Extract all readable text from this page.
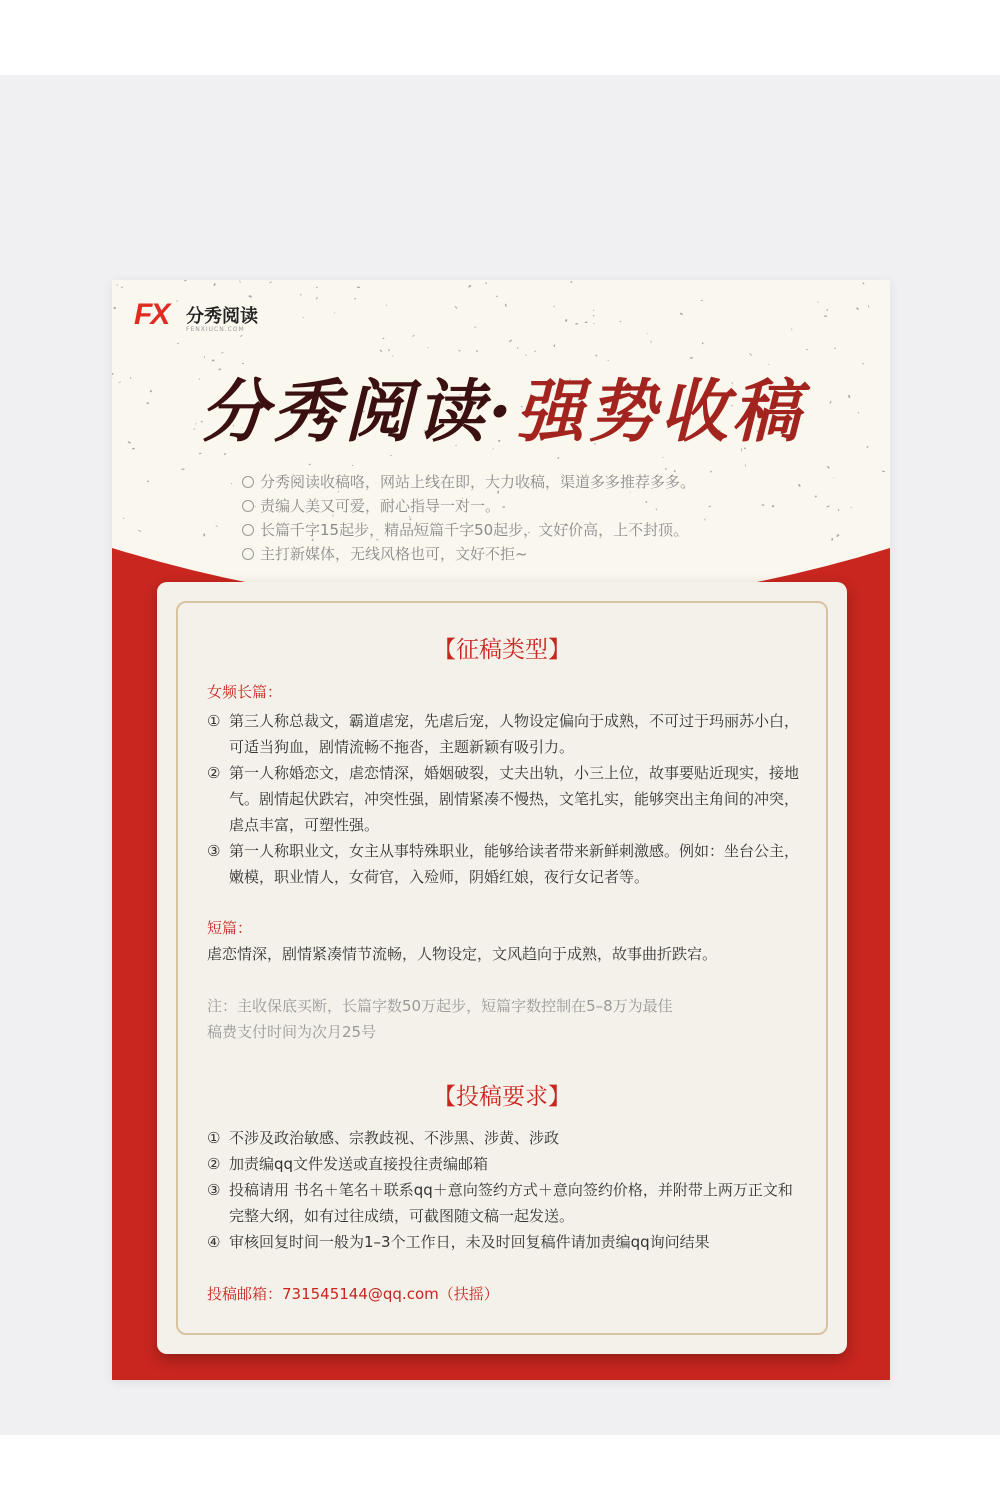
FX 分秀阅读
FENXIUCN.COM
分秀阅读·强势收稿
分秀阅读收稿咯，网站上线在即，大力收稿，渠道多多推荐多多。
责编人美又可爱，耐心指导一对一。
长篇千字15起步，精品短篇千字50起步，文好价高，上不封顶。
主打新媒体，无线风格也可，文好不拒~
【征稿类型】
女频长篇：
① 第三人称总裁文，霸道虐宠，先虐后宠，人物设定偏向于成熟，不可过于玛丽苏小白，可适当狗血，剧情流畅不拖沓，主题新颖有吸引力。
② 第一人称婚恋文，虐恋情深，婚姻破裂，丈夫出轨，小三上位，故事要贴近现实，接地气。剧情起伏跌宕，冲突性强，剧情紧凑不慢热，文笔扎实，能够突出主角间的冲突，虐点丰富，可塑性强。
③ 第一人称职业文，女主从事特殊职业，能够给读者带来新鲜刺激感。例如：坐台公主，嫩模，职业情人，女荷官，入殓师，阴婚红娘，夜行女记者等。
短篇：
虐恋情深，剧情紧凑情节流畅，人物设定，文风趋向于成熟，故事曲折跌宕。
注：主收保底买断，长篇字数50万起步，短篇字数控制在5–8万为最佳
稿费支付时间为次月25号
【投稿要求】
① 不涉及政治敏感、宗教歧视、不涉黑、涉黄、涉政
② 加责编qq文件发送或直接投往责编邮箱
③ 投稿请用 书名＋笔名＋联系qq＋意向签约方式＋意向签约价格，并附带上两万正文和完整大纲，如有过往成绩，可截图随文稿一起发送。
④ 审核回复时间一般为1–3个工作日，未及时回复稿件请加责编qq询问结果
投稿邮箱：731545144@qq.com（扶摇）
